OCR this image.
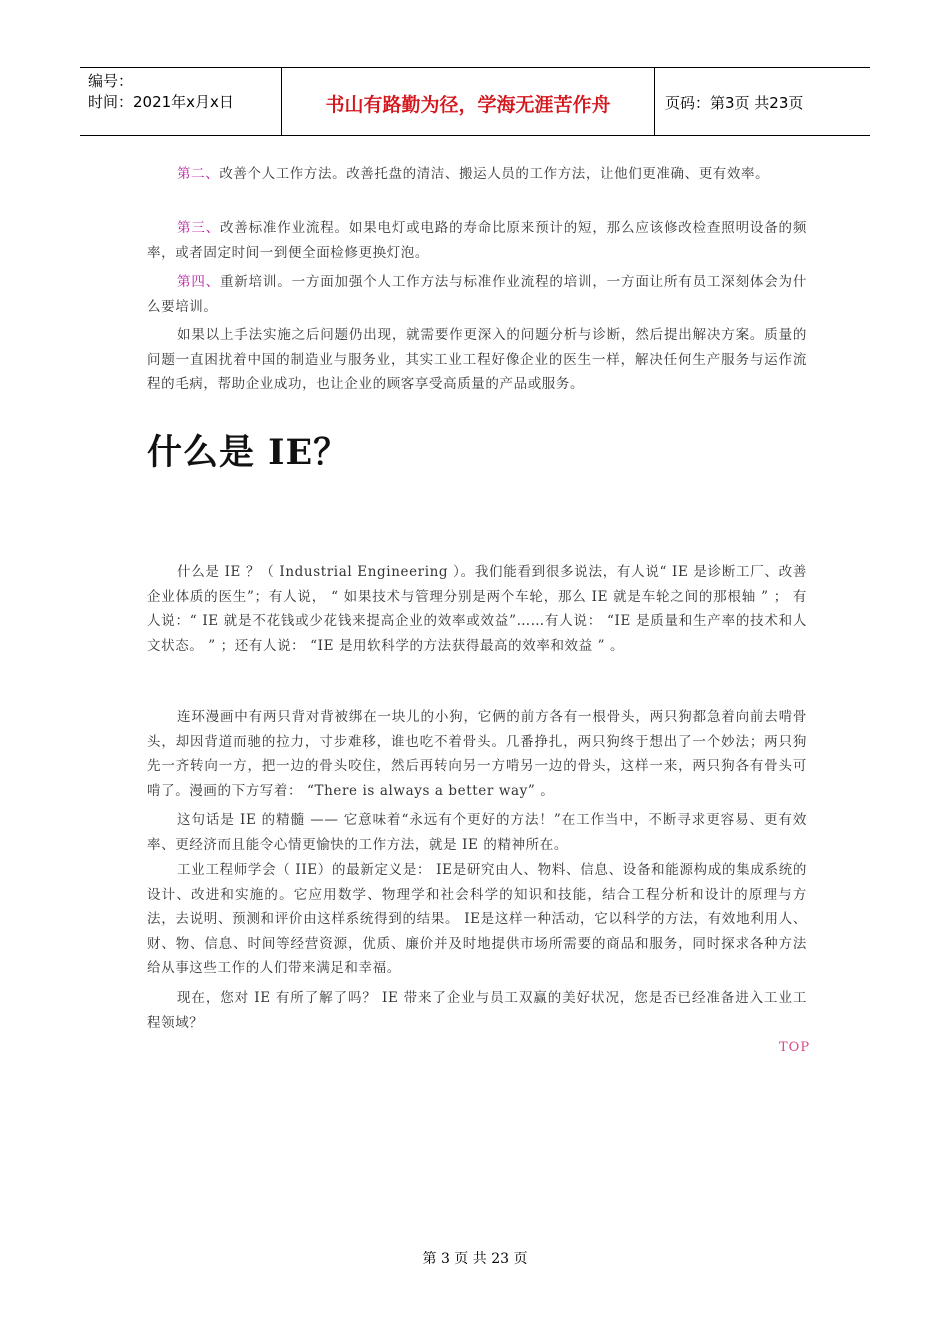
编号：
时间：2021年x月x日	书山有路勤为径，学海无涯苦作舟	页码：第3页 共23页

第二、改善个人工作方法。改善托盘的清洁、搬运人员的工作方法，让他们更准确、更有效率。

第三、改善标准作业流程。如果电灯或电路的寿命比原来预计的短，那么应该修改检查照明设备的频率，或者固定时间一到便全面检修更换灯泡。

第四、重新培训。一方面加强个人工作方法与标准作业流程的培训，一方面让所有员工深刻体会为什么要培训。

如果以上手法实施之后问题仍出现，就需要作更深入的问题分析与诊断，然后提出解决方案。质量的问题一直困扰着中国的制造业与服务业，其实工业工程好像企业的医生一样，解决任何生产服务与运作流程的毛病，帮助企业成功，也让企业的顾客享受高质量的产品或服务。

什么是 IE？

什么是 IE ？（ Industrial Engineering ）。我们能看到很多说法，有人说“ IE 是诊断工厂、改善企业体质的医生”；有人说， “ 如果技术与管理分别是两个车轮，那么 IE 就是车轮之间的那根轴 ” ； 有人说：“ IE 就是不花钱或少花钱来提高企业的效率或效益”……有人说： “IE 是质量和生产率的技术和人文状态。 ” ；还有人说： “IE 是用软科学的方法获得最高的效率和效益 ” 。

连环漫画中有两只背对背被绑在一块儿的小狗，它俩的前方各有一根骨头，两只狗都急着向前去啃骨头，却因背道而驰的拉力，寸步难移，谁也吃不着骨头。几番挣扎，两只狗终于想出了一个妙法；两只狗先一齐转向一方，把一边的骨头咬住，然后再转向另一方啃另一边的骨头，这样一来，两只狗各有骨头可啃了。漫画的下方写着： “There is always a better way” 。

这句话是 IE 的精髓 —— 它意味着“永远有个更好的方法！”在工作当中，不断寻求更容易、更有效率、更经济而且能令心情更愉快的工作方法，就是 IE 的精神所在。

工业工程师学会（ IIE）的最新定义是： IE是研究由人、物料、信息、设备和能源构成的集成系统的设计、改进和实施的。它应用数学、物理学和社会科学的知识和技能，结合工程分析和设计的原理与方法，去说明、预测和评价由这样系统得到的结果。 IE是这样一种活动，它以科学的方法，有效地利用人、财、物、信息、时间等经营资源，优质、廉价并及时地提供市场所需要的商品和服务，同时探求各种方法给从事这些工作的人们带来满足和幸福。

现在，您对 IE 有所了解了吗？ IE 带来了企业与员工双赢的美好状况，您是否已经准备进入工业工程领域？

TOP
第 3 页 共 23 页
